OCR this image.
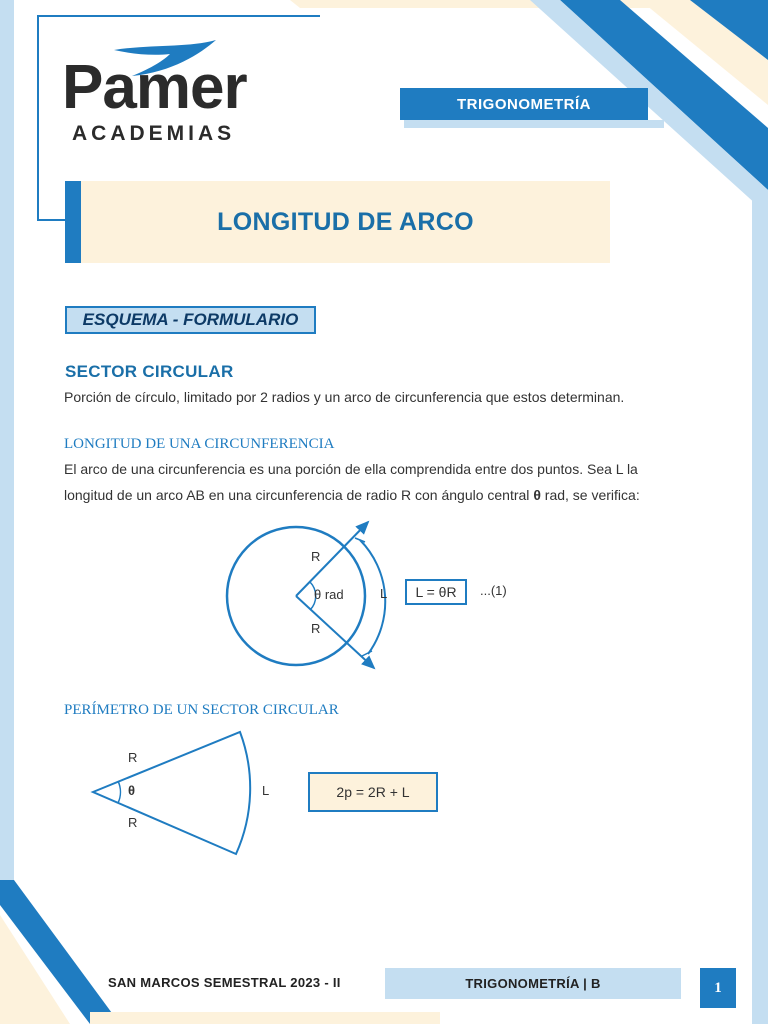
Pamer
ACADEMIAS
TRIGONOMETRÍA
LONGITUD DE ARCO
ESQUEMA - FORMULARIO
SECTOR CIRCULAR
Porción de círculo, limitado por 2 radios y un arco de circunferencia que estos determinan.
LONGITUD DE UNA CIRCUNFERENCIA
El arco de una circunferencia es una porción de ella comprendida entre dos puntos. Sea L la
longitud de un arco AB en una circunferencia de radio R con ángulo central θ rad, se verifica:
R
R
θ rad	L	L = θR	...(1)
PERÍMETRO DE UN SECTOR CIRCULAR
R
R
θ	L	2p = 2R + L
SAN MARCOS SEMESTRAL 2023 - II	TRIGONOMETRÍA | B	1
